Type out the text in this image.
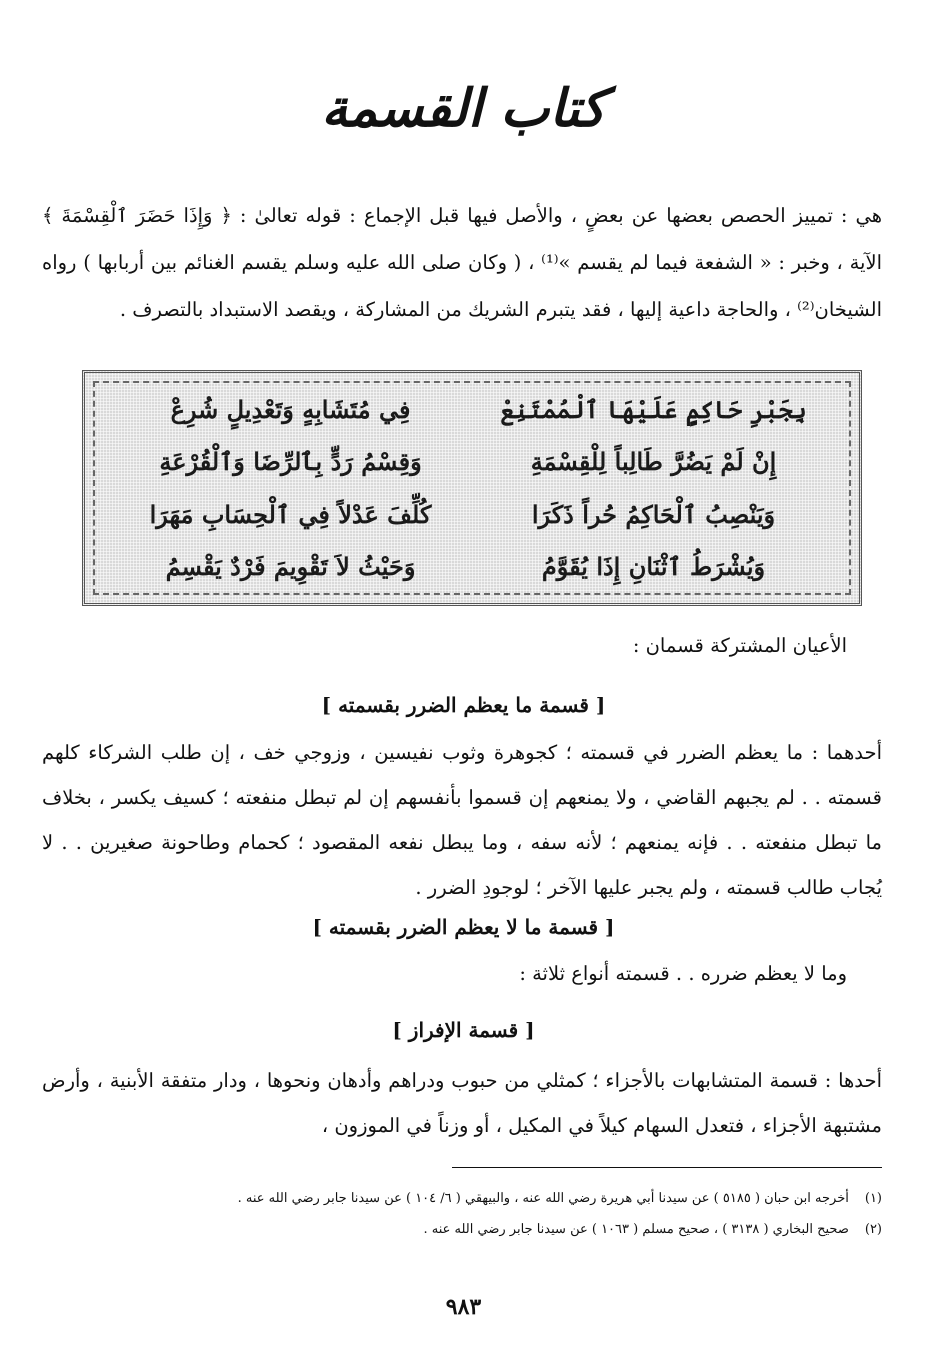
كتاب القسمة
هي : تمييز الحصص بعضها عن بعضٍ ، والأصل فيها قبل الإجماع : قوله تعالىٰ : ﴿ وَإِذَا حَضَرَ ٱلْقِسْمَةَ ﴾ الآية ، وخبر : « الشفعة فيما لم يقسم »⁽¹⁾ ، ( وكان صلى الله عليه وسلم يقسم الغنائم بين أربابها ) رواه الشيخان⁽²⁾ ، والحاجة داعية إليها ، فقد يتبرم الشريك من المشاركة ، ويقصد الاستبداد بالتصرف .
بِجَبْرِ حَاكِمٍ عَلَيْهَا ٱلْمُمْتَنِعْ
فِي مُتَشَابِهٍ وَتَعْدِيلٍ شُرِعْ
إِنْ لَمْ يَضُرَّ طَالِباً لِلْقِسْمَةِ
وَقِسْمُ رَدٍّ بِٱلرِّضَا وَٱلْقُرْعَةِ
وَيَنْصِبُ ٱلْحَاكِمُ حُراً ذَكَرَا
كُلِّفَ عَدْلاً فِي ٱلْحِسَابِ مَهَرَا
وَيُشْرَطُ ٱثْنَانِ إِذَا يُقَوَّمُ
وَحَيْثُ لاَ تَقْوِيمَ فَرْدٌ يَقْسِمُ
الأعيان المشتركة قسمان :
[ قسمة ما يعظم الضرر بقسمته ]
أحدهما : ما يعظم الضرر في قسمته ؛ كجوهرة وثوب نفيسين ، وزوجي خف ، إن طلب الشركاء كلهم قسمته . . لم يجبهم القاضي ، ولا يمنعهم إن قسموا بأنفسهم إن لم تبطل منفعته ؛ كسيف يكسر ، بخلاف ما تبطل منفعته . . فإنه يمنعهم ؛ لأنه سفه ، وما يبطل نفعه المقصود ؛ كحمام وطاحونة صغيرين . . لا يُجاب طالب قسمته ، ولم يجبر عليها الآخر ؛ لوجودِ الضرر .
[ قسمة ما لا يعظم الضرر بقسمته ]
وما لا يعظم ضرره . . قسمته أنواع ثلاثة :
[ قسمة الإفراز ]
أحدها : قسمة المتشابهات بالأجزاء ؛ كمثلي من حبوب ودراهم وأدهان ونحوها ، ودار متفقة الأبنية ، وأرض مشتبهة الأجزاء ، فتعدل السهام كيلاً في المكيل ، أو وزناً في الموزون ،
(١)
أخرجه ابن حبان ( ٥١٨٥ ) عن سيدنا أبي هريرة رضي الله عنه ، والبيهقي ( ٦/ ١٠٤ ) عن سيدنا جابر رضي الله عنه .
(٢)
صحيح البخاري ( ٣١٣٨ ) ، صحيح مسلم ( ١٠٦٣ ) عن سيدنا جابر رضي الله عنه .
٩٨٣
